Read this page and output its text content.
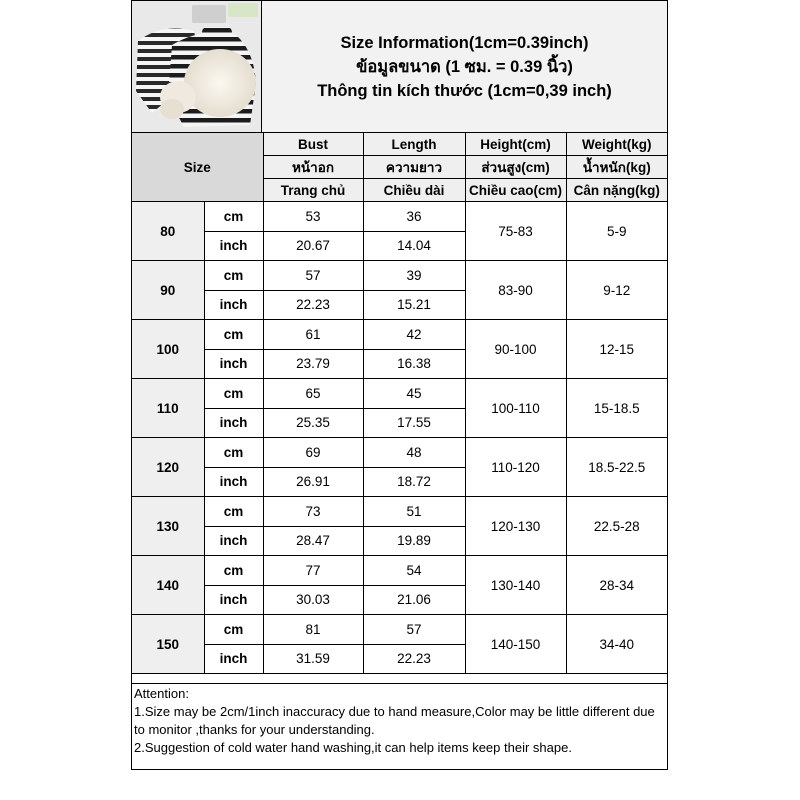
Size Information(1cm=0.39inch)
ข้อมูลขนาด (1 ซม. = 0.39 นิ้ว)
Thông tin kích thước (1cm=0,39 inch)
Size		Bust	Length	Height(cm)	Weight(kg)
		หน้าอก	ความยาว	ส่วนสูง(cm)	น้ำหนัก(kg)
		Trang chủ	Chiều dài	Chiều cao(cm)	Cân nặng(kg)
80	cm	53	36	75-83	5-9
	inch	20.67	14.04		
90	cm	57	39	83-90	9-12
	inch	22.23	15.21		
100	cm	61	42	90-100	12-15
	inch	23.79	16.38		
110	cm	65	45	100-110	15-18.5
	inch	25.35	17.55		
120	cm	69	48	110-120	18.5-22.5
	inch	26.91	18.72		
130	cm	73	51	120-130	22.5-28
	inch	28.47	19.89		
140	cm	77	54	130-140	28-34
	inch	30.03	21.06		
150	cm	81	57	140-150	34-40
	inch	31.59	22.23		
Attention:
1.Size may be 2cm/1inch inaccuracy due to hand measure,Color may be little different due to monitor ,thanks for your understanding.
2.Suggestion of cold water hand washing,it can help items keep their shape.
